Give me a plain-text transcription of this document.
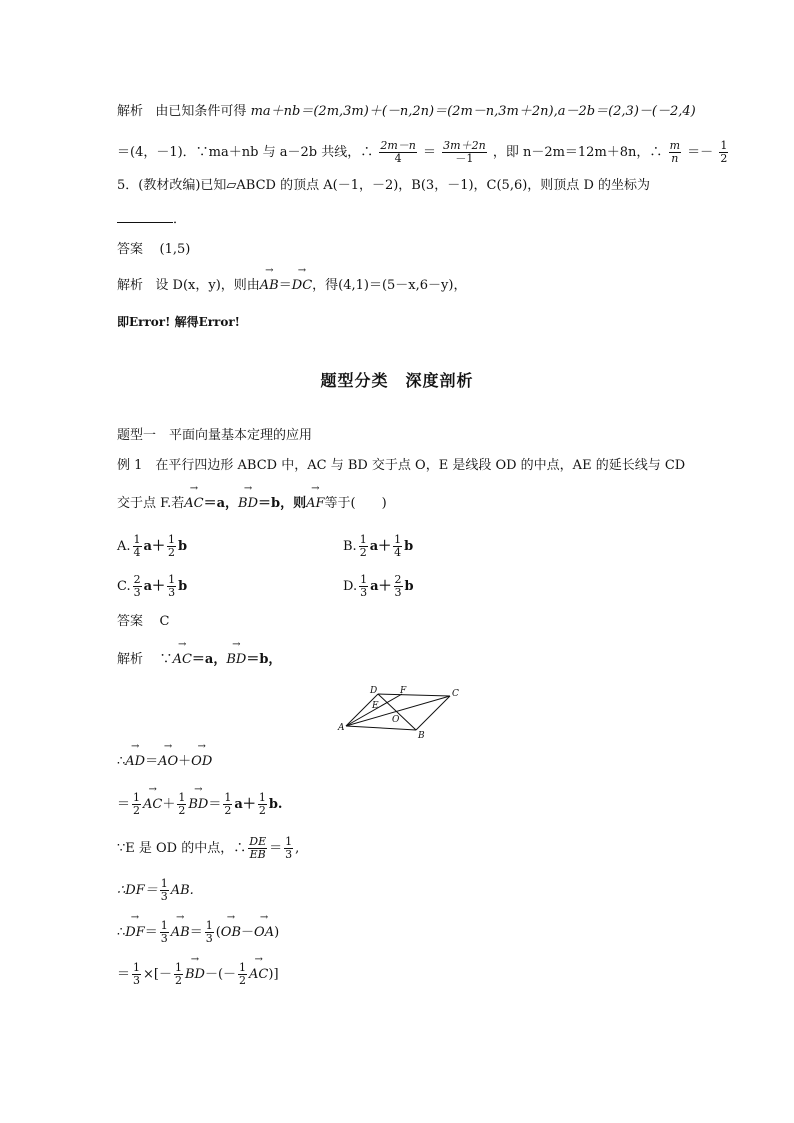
解析 由已知条件可得 ma＋nb＝(2m,3m)＋(－n,2n)＝(2m－n,3m＋2n),a－2b＝(2,3)－(－2,4)
＝(4，－1)．∵ma＋nb 与 a－2b 共线，∴ $\frac{2m-n}{4} = \frac{3m+2n}{-1}$ ，即 n－2m＝12m＋8n，∴ $\frac{m}{n} =- \frac{1}{2}$
5．(教材改编)已知▱ABCD 的顶点 A(－1，－2)，B(3，－1)，C(5,6)，则顶点 D 的坐标为
．
答案 (1,5)
解析 设 D(x，y)，则由→ AB＝→ DC，得(4,1)＝(5－x,6－y)，
即Error! 解得Error!
题型分类　深度剖析
题型一　平面向量基本定理的应用
例 1　在平行四边形 ABCD 中，AC 与 BD 交于点 O，E 是线段 OD 的中点，AE 的延长线与 CD
交于点 F.若→ AC＝a，→ BD＝b，则→ AF等于(　　)
A. $\frac{1}{4} a+ \frac{1}{2}$ b	B. $\frac{1}{2} a+ \frac{1}{4}$ b
C. $\frac{2}{3} a+ \frac{1}{3}$ b	D. $\frac{1}{3} a+ \frac{2}{3}$ b
答案 C
解析 ∵→ AC＝a，→ BD＝b，
A
B
C
D
E
F
O
∴→ AD＝→ AO＋→ OD
＝ $\frac{1}{2}$
→ $AC+ \frac{1}{2}$
→ $BD= \frac{1}{2} a+ \frac{1}{2} b$.
∵E 是 OD 的中点，∴ $\frac{DE}{EB} = \frac{1}{3}$ ,
∴DF＝ $\frac{1}{3}$ AB.
∴→ $DF= \frac{1}{3}$
→ $AB= \frac{1}{3}$ (→ OB－→ OA)
＝ $\frac{1}{3}$ ×[－ $\frac{1}{2}$
→ $BD-(- \frac{1}{2}$
→ AC)]
